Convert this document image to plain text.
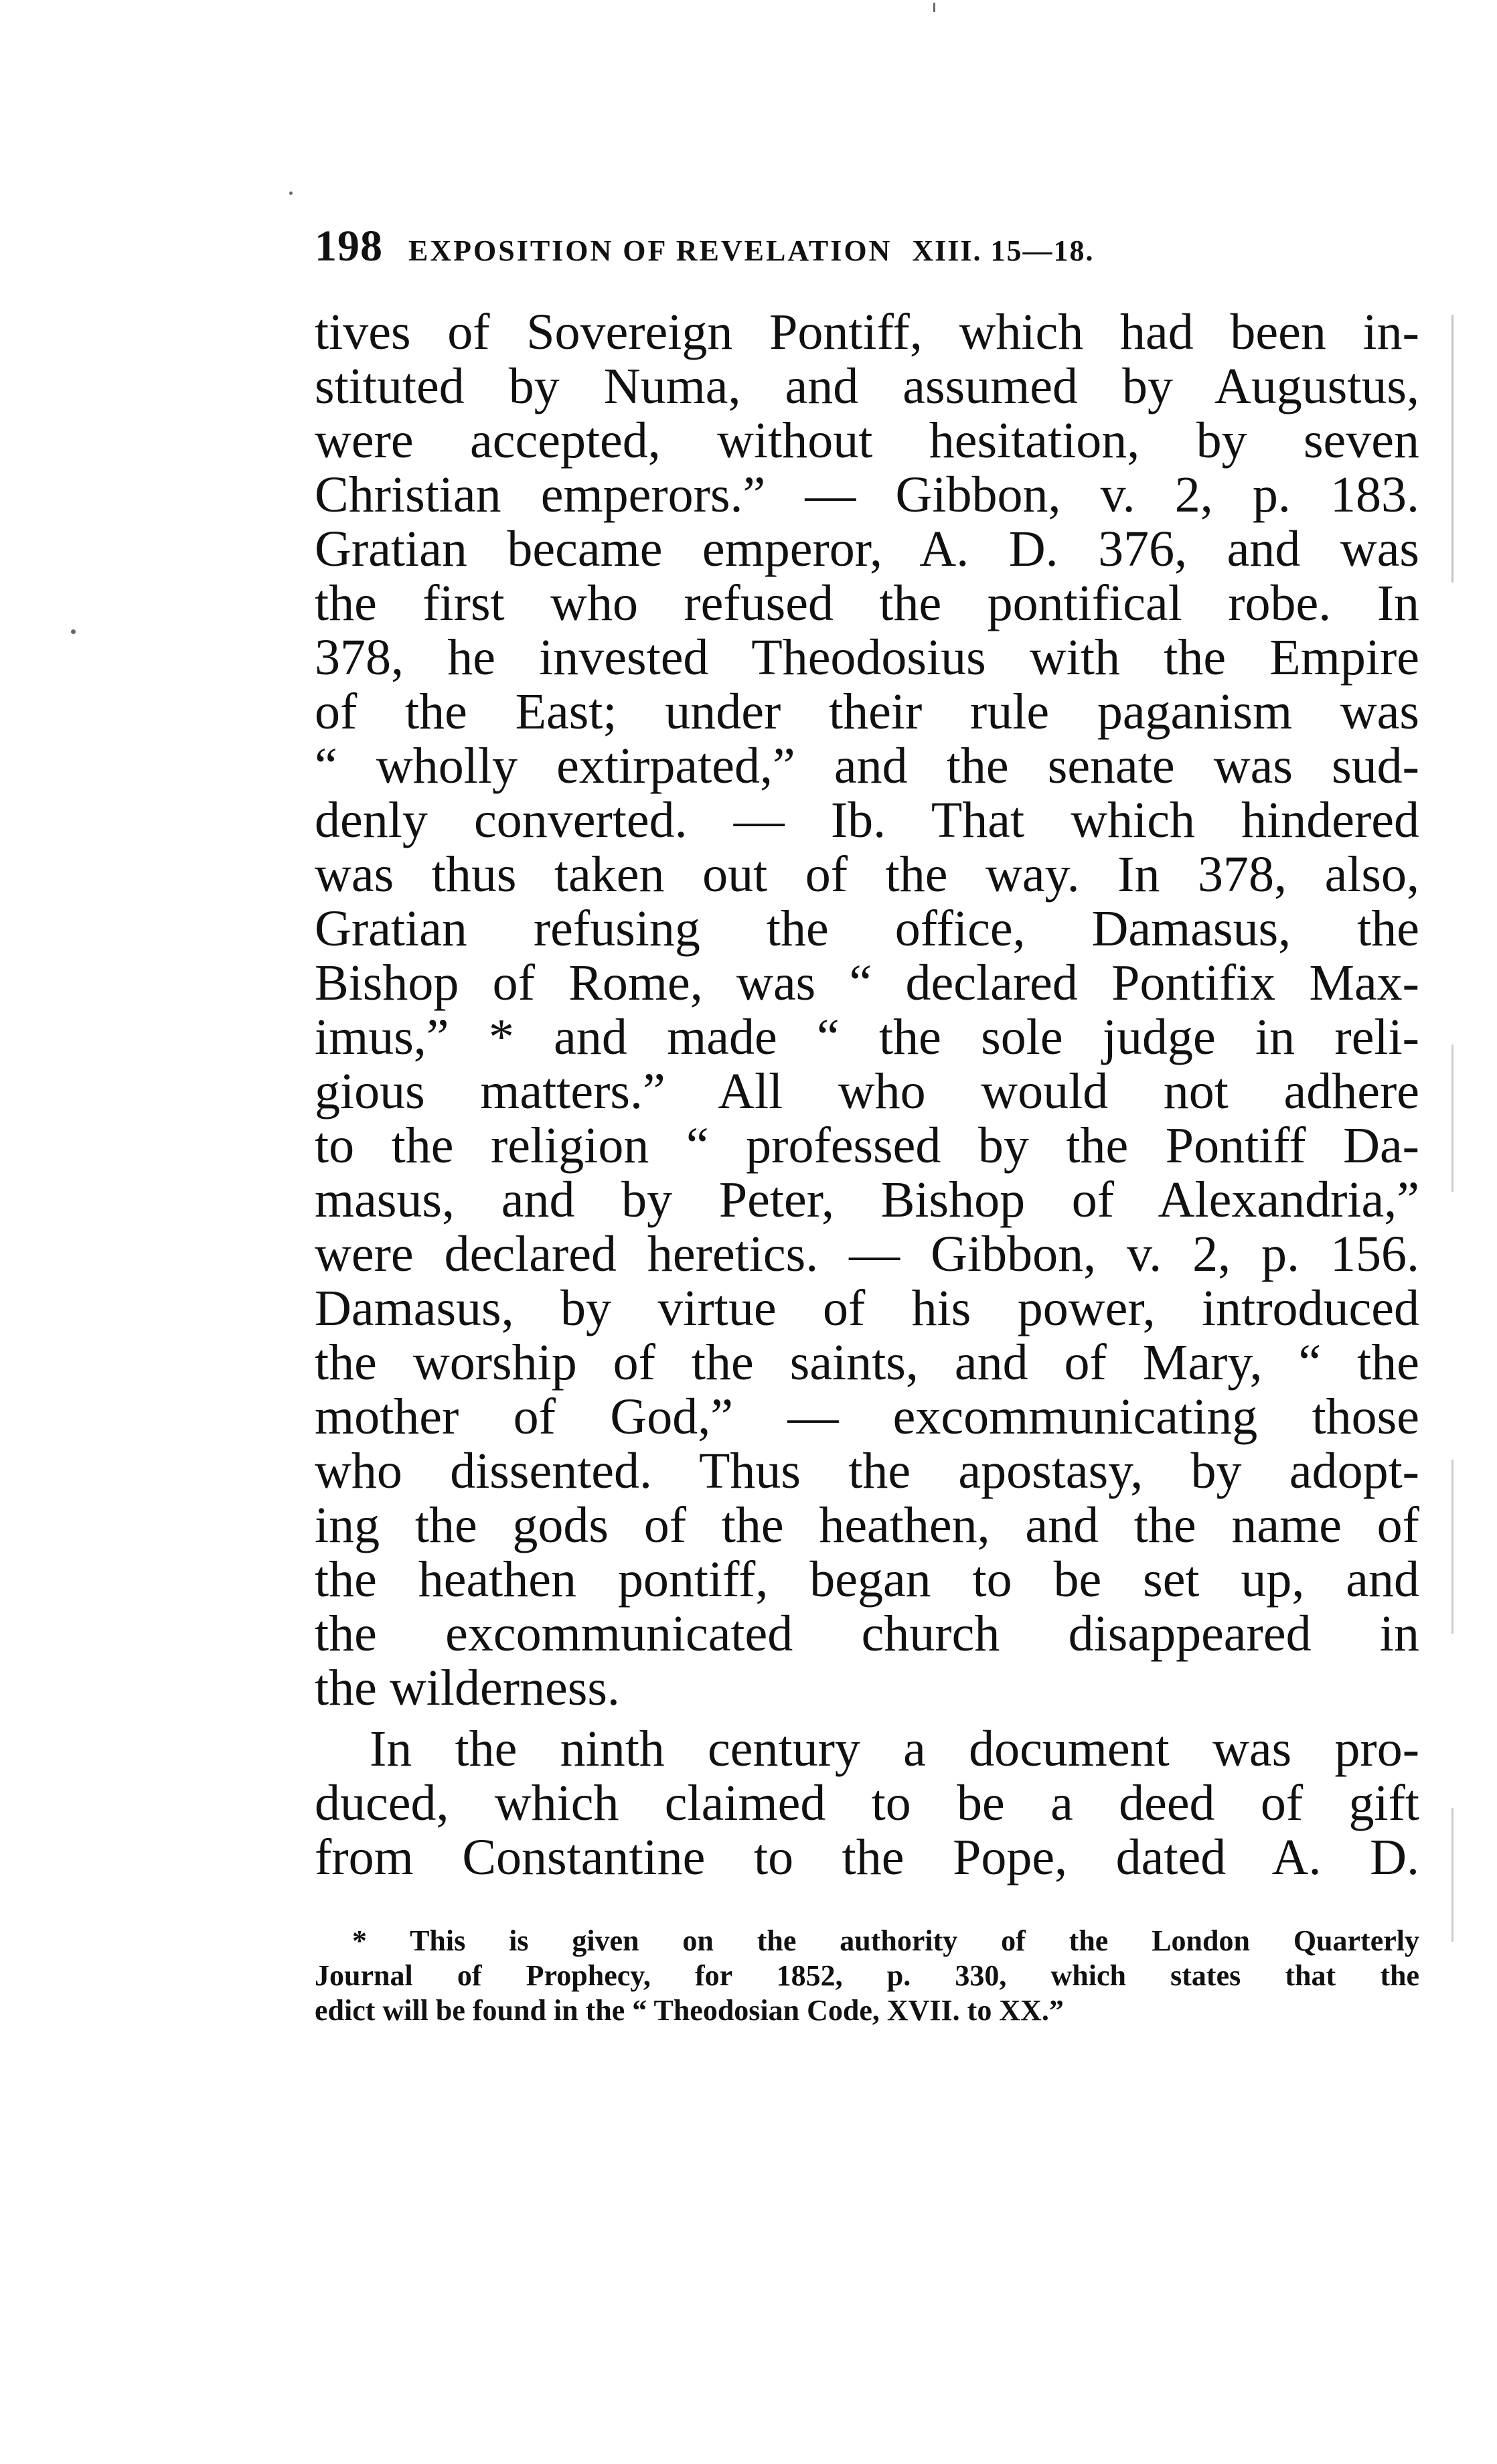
198 EXPOSITION OF REVELATION XIII. 15—18.
tives of Sovereign Pontiff, which had been in-
stituted by Numa, and assumed by Augustus,
were accepted, without hesitation, by seven
Christian emperors.” — Gibbon, v. 2, p. 183.
Gratian became emperor, A. D. 376, and was
the first who refused the pontifical robe. In
378, he invested Theodosius with the Empire
of the East; under their rule paganism was
“ wholly extirpated,” and the senate was sud-
denly converted. — Ib. That which hindered
was thus taken out of the way. In 378, also,
Gratian refusing the office, Damasus, the
Bishop of Rome, was “ declared Pontifix Max-
imus,” * and made “ the sole judge in reli-
gious matters.” All who would not adhere
to the religion “ professed by the Pontiff Da-
masus, and by Peter, Bishop of Alexandria,”
were declared heretics. — Gibbon, v. 2, p. 156.
Damasus, by virtue of his power, introduced
the worship of the saints, and of Mary, “ the
mother of God,” — excommunicating those
who dissented. Thus the apostasy, by adopt-
ing the gods of the heathen, and the name of
the heathen pontiff, began to be set up, and
the excommunicated church disappeared in
the wilderness.
In the ninth century a document was pro-
duced, which claimed to be a deed of gift
from Constantine to the Pope, dated A. D.
* This is given on the authority of the London Quarterly
Journal of Prophecy, for 1852, p. 330, which states that the
edict will be found in the “ Theodosian Code, XVII. to XX.”
